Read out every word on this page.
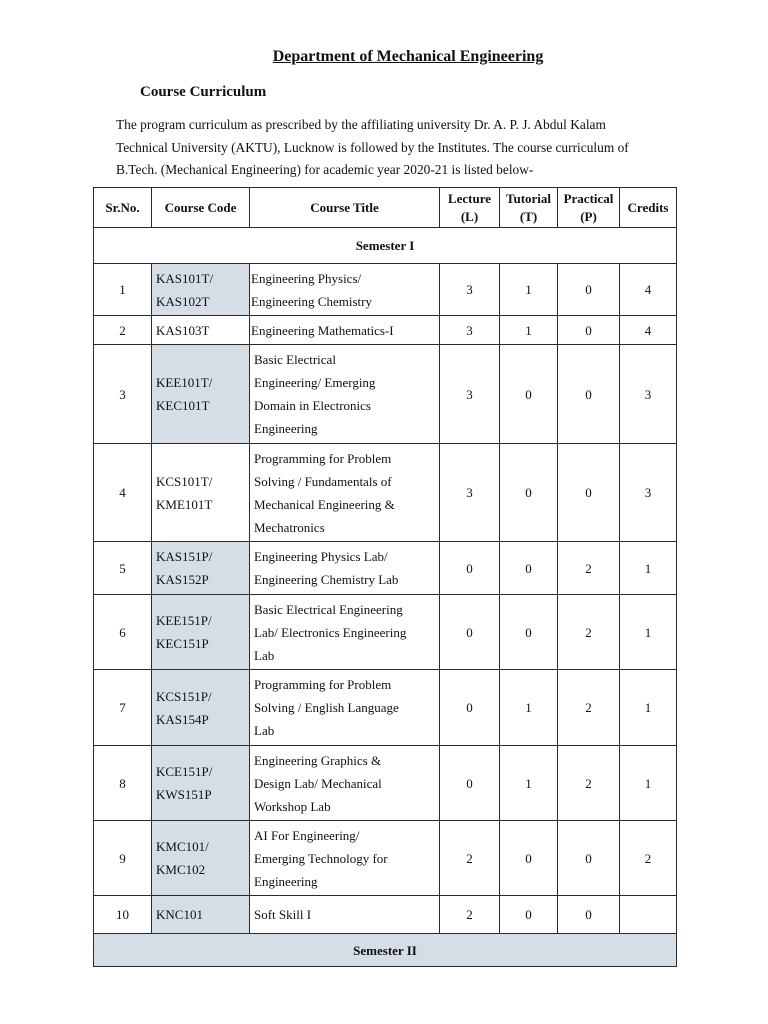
Department of Mechanical Engineering
Course Curriculum
The program curriculum as prescribed by the affiliating university Dr. A. P. J. Abdul Kalam
Technical University (AKTU), Lucknow is followed by the Institutes. The course curriculum of
B.Tech. (Mechanical Engineering) for academic year 2020-21 is listed below-
Sr.No.	Course Code	Course Title	Lecture
(L)	Tutorial
(T)	Practical
(P)	Credits
Semester I						
1	KAS101T/
KAS102T	Engineering Physics/
Engineering Chemistry	3	1	0	4
2	KAS103T	Engineering Mathematics-I	3	1	0	4
3	KEE101T/
KEC101T	Basic Electrical
Engineering/ Emerging
Domain in Electronics
Engineering	3	0	0	3
4	KCS101T/
KME101T	Programming for Problem
Solving / Fundamentals of
Mechanical Engineering &
Mechatronics	3	0	0	3
5	KAS151P/
KAS152P	Engineering Physics Lab/
Engineering Chemistry Lab	0	0	2	1
6	KEE151P/
KEC151P	Basic Electrical Engineering
Lab/ Electronics Engineering
Lab	0	0	2	1
7	KCS151P/
KAS154P	Programming for Problem
Solving / English Language
Lab	0	1	2	1
8	KCE151P/
KWS151P	Engineering Graphics &
Design Lab/ Mechanical
Workshop Lab	0	1	2	1
9	KMC101/
KMC102	AI For Engineering/
Emerging Technology for
Engineering	2	0	0	2
10	KNC101	Soft Skill I	2	0	0	
Semester II						
